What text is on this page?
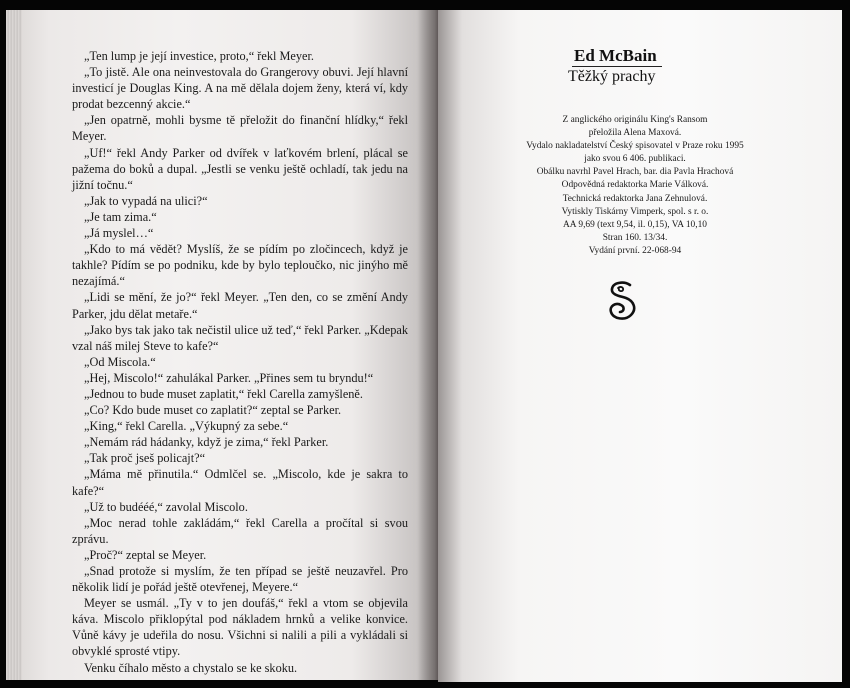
„Ten lump je její investice, proto,“ řekl Meyer.

„To jistě. Ale ona neinvestovala do Grangerovy obuvi. Její hlavní investicí je Douglas King. A na mě dělala dojem ženy, která ví, kdy prodat bezcenný akcie.“

„Jen opatrně, mohli bysme tě přeložit do finanční hlídky,“ řekl Meyer.

„Uf!“ řekl Andy Parker od dvířek v laťkovém brlení, plácal se pažema do boků a dupal. „Jestli se venku ještě ochladí, tak jedu na jižní točnu.“

„Jak to vypadá na ulici?“

„Je tam zima.“

„Já myslel…“

„Kdo to má vědět? Myslíš, že se pídím po zločincech, když je takhle? Pídím se po podniku, kde by bylo teploučko, nic jinýho mě nezajímá.“

„Lidi se mění, že jo?“ řekl Meyer. „Ten den, co se změní Andy Parker, jdu dělat metaře.“

„Jako bys tak jako tak nečistil ulice už teď,“ řekl Parker. „Kdepak vzal náš milej Steve to kafe?“

„Od Miscola.“

„Hej, Miscolo!“ zahulákal Parker. „Přines sem tu bryndu!“

„Jednou to bude muset zaplatit,“ řekl Carella zamyšleně.

„Co? Kdo bude muset co zaplatit?“ zeptal se Parker.

„King,“ řekl Carella. „Výkupný za sebe.“

„Nemám rád hádanky, když je zima,“ řekl Parker.

„Tak proč jseš policajt?“

„Máma mě přinutila.“ Odmlčel se. „Miscolo, kde je sakra to kafe?“

„Už to budééé,“ zavolal Miscolo.

„Moc nerad tohle zakládám,“ řekl Carella a pročítal si svou zprávu.

„Proč?“ zeptal se Meyer.

„Snad protože si myslím, že ten případ se ještě neuzavřel. Pro několik lidí je pořád ještě otevřenej, Meyere.“

Meyer se usmál. „Ty v to jen doufáš,“ řekl a vtom se objevila káva. Miscolo přiklopýtal pod nákladem hrnků a velike konvice. Vůně kávy je udeřila do nosu. Všichni si nalili a pili a vykládali si obvyklé sprosté vtipy.

Venku číhalo město a chystalo se ke skoku.

Ed McBain
Těžký prachy
Z anglického originálu King's Ransom
přeložila Alena Maxová.
Vydalo nakladatelství Český spisovatel v Praze roku 1995
jako svou 6 406. publikaci.
Obálku navrhl Pavel Hrach, bar. dia Pavla Hrachová
Odpovědná redaktorka Marie Válková.
Technická redaktorka Jana Zehnulová.
Vytiskly Tiskárny Vimperk, spol. s r. o.
AA 9,69 (text 9,54, il. 0,15), VA 10,10
Stran 160. 13/34.
Vydání první. 22-068-94
